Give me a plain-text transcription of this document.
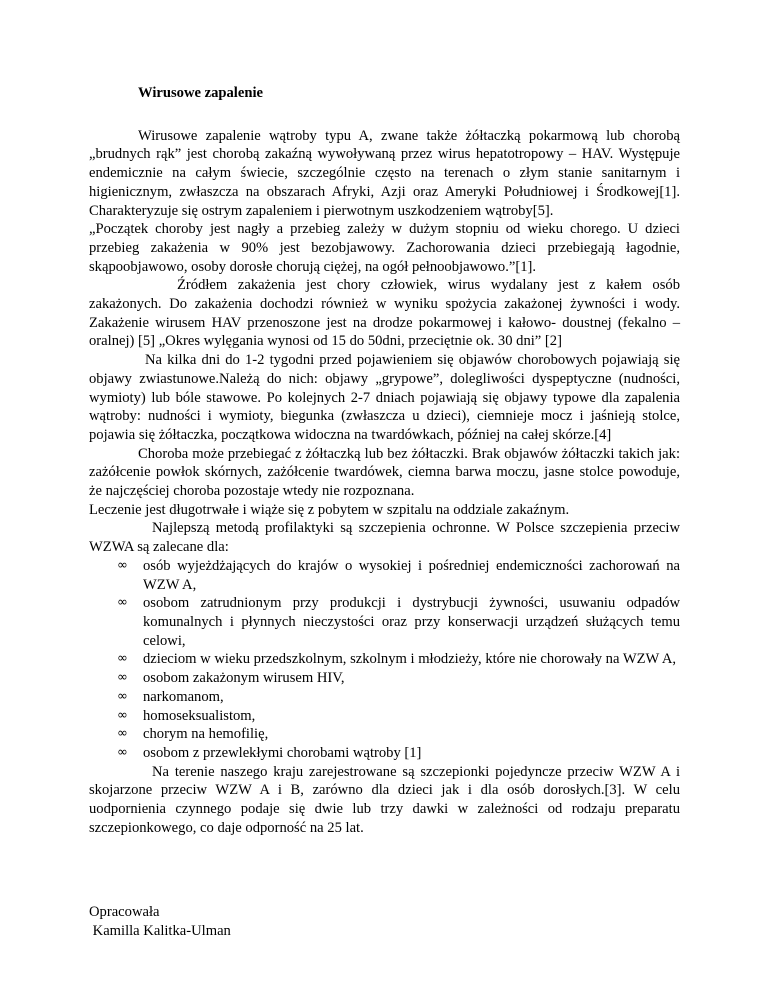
Wirusowe zapalenie

Wirusowe zapalenie wątroby typu A, zwane także żółtaczką pokarmową lub chorobą „brudnych rąk” jest chorobą zakaźną wywoływaną przez wirus hepatotropowy – HAV. Występuje endemicznie na całym świecie, szczególnie często na terenach o złym stanie sanitarnym i higienicznym, zwłaszcza na obszarach Afryki, Azji oraz Ameryki Południowej i Środkowej[1]. Charakteryzuje się ostrym zapaleniem i pierwotnym uszkodzeniem wątroby[5].

„Początek choroby jest nagły a przebieg zależy w dużym stopniu od wieku chorego. U dzieci przebieg zakażenia w 90% jest bezobjawowy. Zachorowania dzieci przebiegają łagodnie, skąpoobjawowo, osoby dorosłe chorują ciężej, na ogół pełnoobjawowo.”[1].

Źródłem zakażenia jest chory człowiek, wirus wydalany jest z kałem osób zakażonych. Do zakażenia dochodzi również w wyniku spożycia zakażonej żywności i wody. Zakażenie wirusem HAV przenoszone jest na drodze pokarmowej i kałowo- doustnej (fekalno – oralnej) [5] „Okres wylęgania wynosi od 15 do 50dni, przeciętnie ok. 30 dni” [2]

Na kilka dni do 1-2 tygodni przed pojawieniem się objawów chorobowych pojawiają się objawy zwiastunowe.Należą do nich: objawy „grypowe”, dolegliwości dyspeptyczne (nudności, wymioty) lub bóle stawowe. Po kolejnych 2-7 dniach pojawiają się objawy typowe dla zapalenia wątroby: nudności i wymioty, biegunka (zwłaszcza u dzieci), ciemnieje mocz i jaśnieją stolce, pojawia się żółtaczka, początkowa widoczna na twardówkach, później na całej skórze.[4]

Choroba może przebiegać z żółtaczką lub bez żółtaczki. Brak objawów żółtaczki takich jak: zażółcenie powłok skórnych, zażółcenie twardówek, ciemna barwa moczu, jasne stolce powoduje, że najczęściej choroba pozostaje wtedy nie rozpoznana.

Leczenie jest długotrwałe i wiąże się z pobytem w szpitalu na oddziale zakaźnym.

Najlepszą metodą profilaktyki są szczepienia ochronne. W Polsce szczepienia przeciw WZWA są zalecane dla:

∞ osób wyjeżdżających do krajów o wysokiej i pośredniej endemiczności zachorowań na WZW A,
∞ osobom zatrudnionym przy produkcji i dystrybucji żywności, usuwaniu odpadów komunalnych i płynnych nieczystości oraz przy konserwacji urządzeń służących temu celowi,
∞ dzieciom w wieku przedszkolnym, szkolnym i młodzieży, które nie chorowały na WZW A,
∞ osobom zakażonym wirusem HIV,
∞ narkomanom,
∞ homoseksualistom,
∞ chorym na hemofilię,
∞ osobom z przewlekłymi chorobami wątroby [1]

Na terenie naszego kraju zarejestrowane są szczepionki pojedyncze przeciw WZW A i skojarzone przeciw WZW A i B, zarówno dla dzieci jak i dla osób dorosłych.[3]. W celu uodpornienia czynnego podaje się dwie lub trzy dawki w zależności od rodzaju preparatu szczepionkowego, co daje odporność na 25 lat.

Opracowała
Kamilla Kalitka-Ulman
